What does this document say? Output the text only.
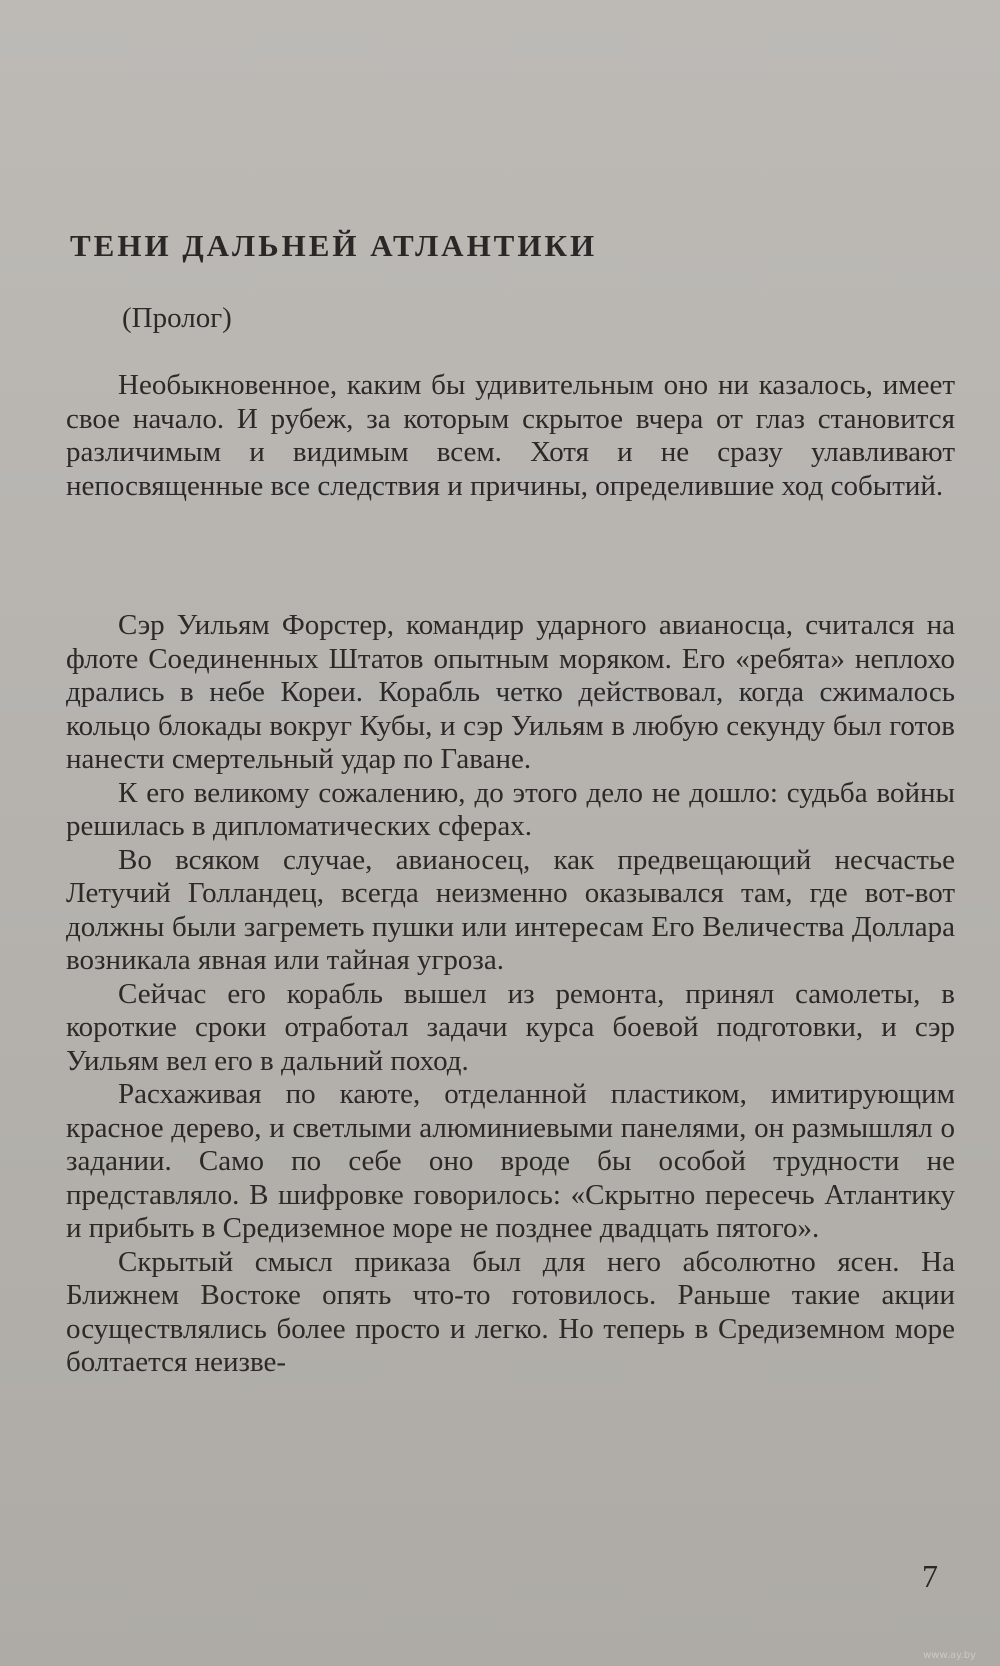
ТЕНИ ДАЛЬНЕЙ АТЛАНТИКИ
(Пролог)

Необыкновенное, каким бы удивительным оно ни казалось, имеет свое начало. И рубеж, за которым скрытое вчера от глаз становится различимым и видимым всем. Хотя и не сразу улавливают непосвященные все следствия и причины, определившие ход событий.

Сэр Уильям Форстер, командир ударного авианосца, считался на флоте Соединенных Штатов опытным моряком. Его «ребята» неплохо дрались в небе Кореи. Корабль четко действовал, когда сжималось кольцо блокады вокруг Кубы, и сэр Уильям в любую секунду был готов нанести смертельный удар по Гаване.

К его великому сожалению, до этого дело не дошло: судьба войны решилась в дипломатических сферах.

Во всяком случае, авианосец, как предвещающий несчастье Летучий Голландец, всегда неизменно оказывался там, где вот-вот должны были загреметь пушки или интересам Его Величества Доллара возникала явная или тайная угроза.

Сейчас его корабль вышел из ремонта, принял самолеты, в короткие сроки отработал задачи курса боевой подготовки, и сэр Уильям вел его в дальний поход.

Расхаживая по каюте, отделанной пластиком, имитирующим красное дерево, и светлыми алюминиевыми панелями, он размышлял о задании. Само по себе оно вроде бы особой трудности не представляло. В шифровке говорилось: «Скрытно пересечь Атлантику и прибыть в Средиземное море не позднее двадцать пятого».

Скрытый смысл приказа был для него абсолютно ясен. На Ближнем Востоке опять что-то готовилось. Раньше такие акции осуществлялись более просто и легко. Но теперь в Средиземном море болтается неизве-

7
www.ay.by
